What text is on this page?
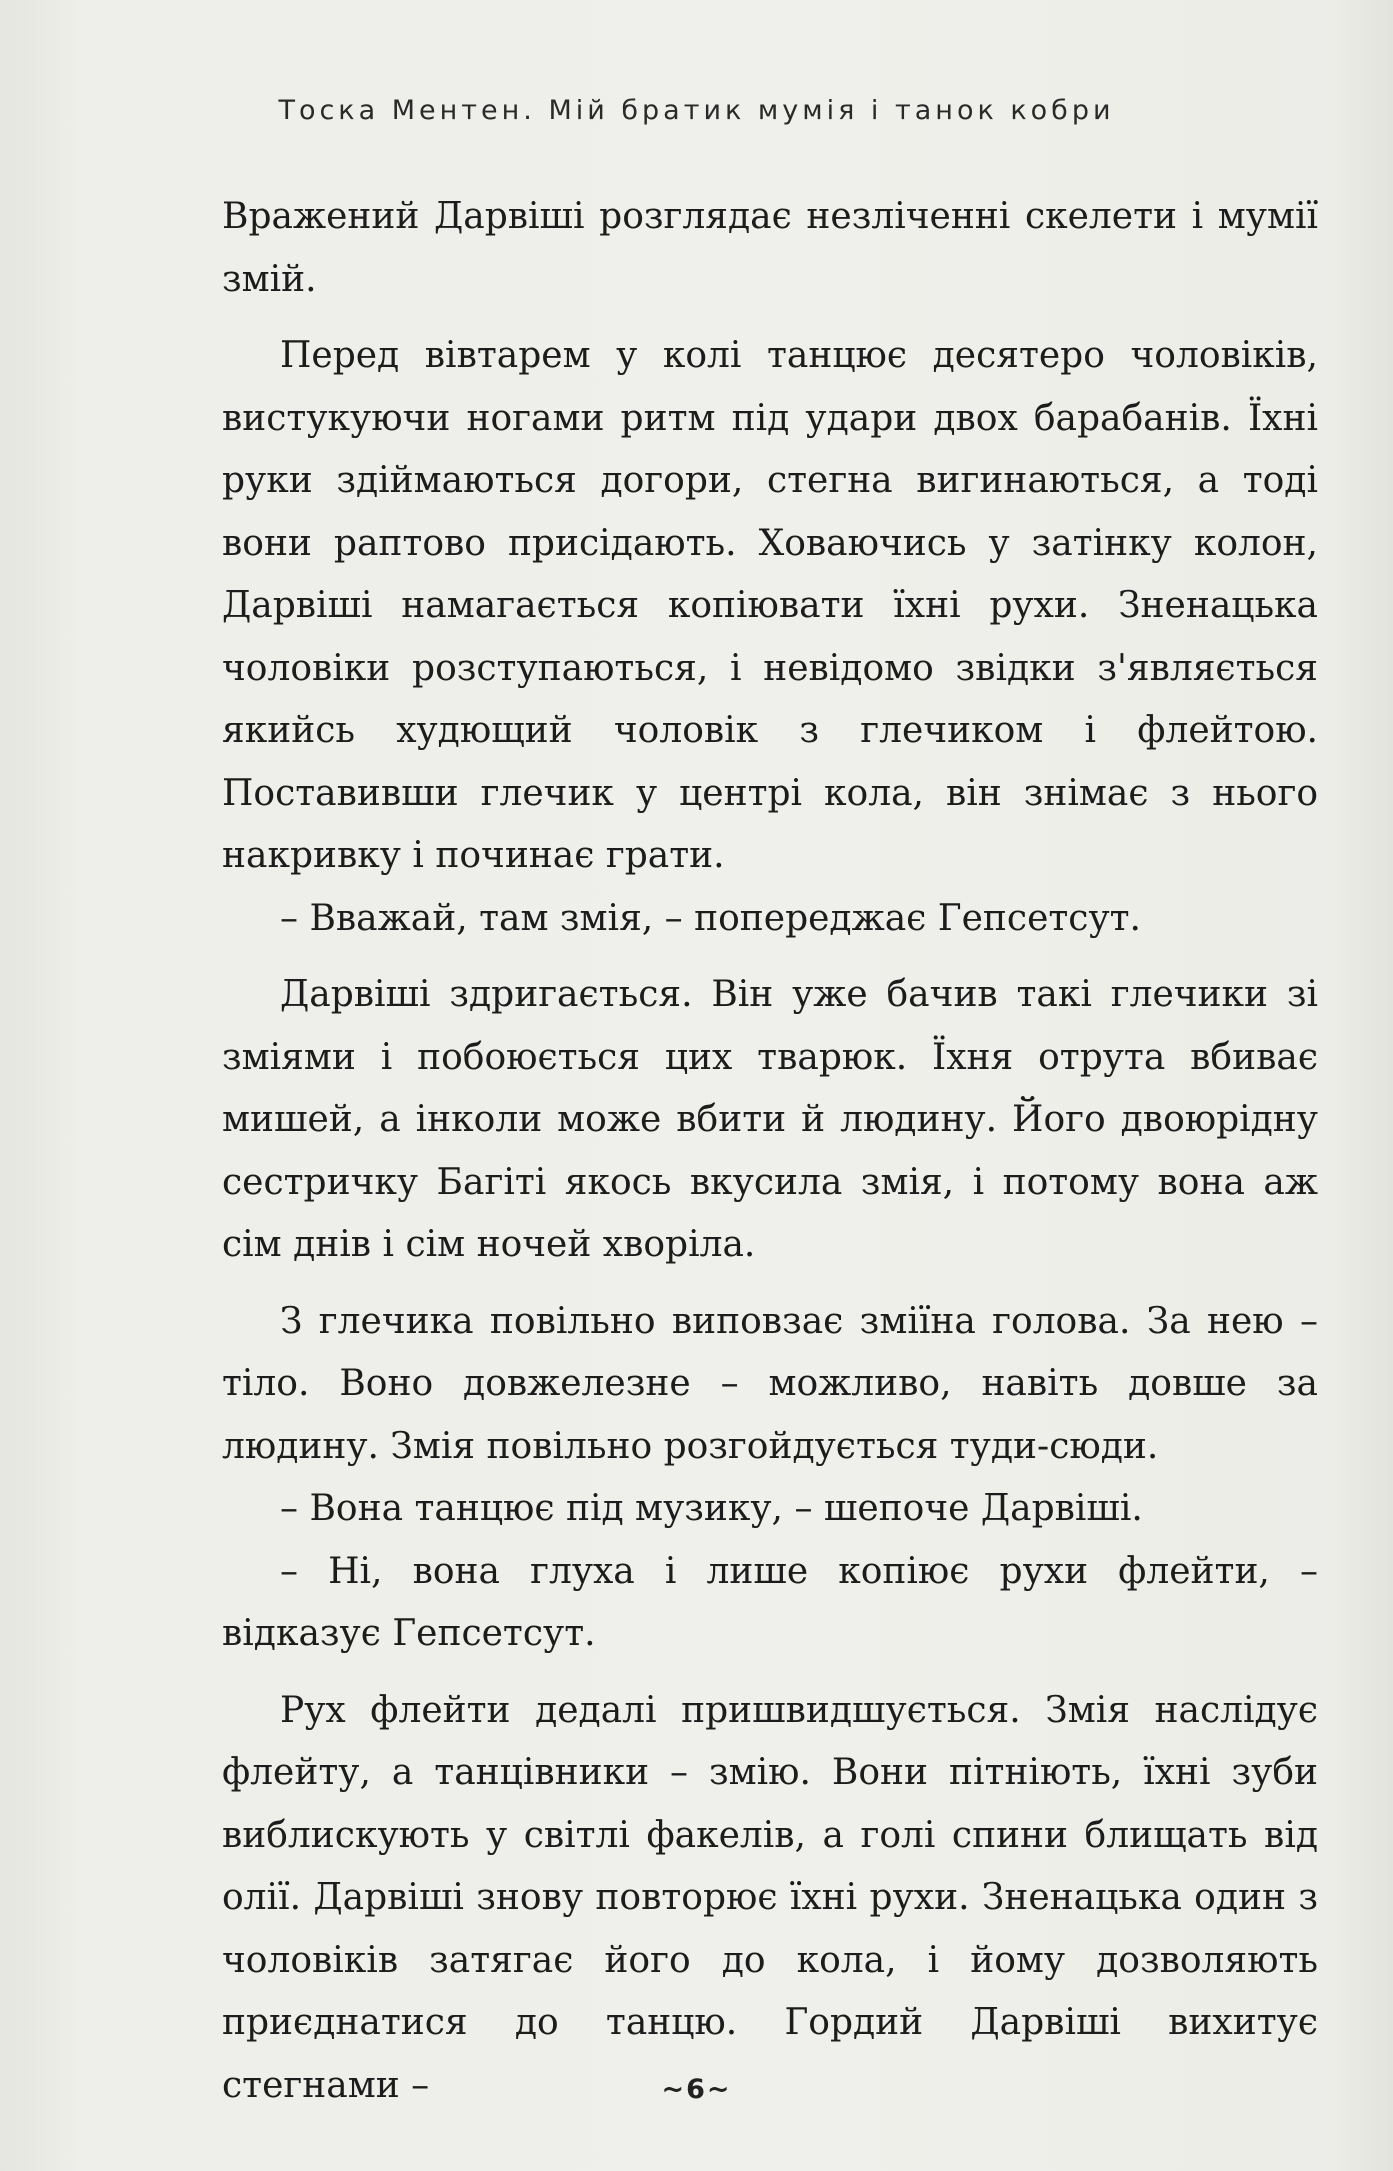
Тоска Ментен. Мій братик мумія і танок кобри

Вражений Дарвіші розглядає незліченні скелети і мумії змій.

Перед вівтарем у колі танцює десятеро чоловіків, вистукуючи ногами ритм під удари двох барабанів. Їхні руки здіймаються догори, стегна вигинаються, а тоді вони раптово присідають. Ховаючись у затінку колон, Дарвіші намагається копіювати їхні рухи. Зненацька чоловіки розступаються, і невідомо звідки з'являється якийсь худющий чоловік з глечиком і флейтою. Поставивши глечик у центрі кола, він знімає з нього накривку і починає грати.

– Вважай, там змія, – попереджає Гепсетсут.

Дарвіші здригається. Він уже бачив такі глечики зі зміями і побоюється цих тварюк. Їхня отрута вбиває мишей, а інколи може вбити й людину. Його двоюрідну сестричку Багіті якось вкусила змія, і потому вона аж сім днів і сім ночей хворіла.

З глечика повільно виповзає зміїна голова. За нею – тіло. Воно довжелезне – можливо, навіть довше за людину. Змія повільно розгойдується туди-сюди.

– Вона танцює під музику, – шепоче Дарвіші.

– Ні, вона глуха і лише копіює рухи флейти, – відказує Гепсетсут.

Рух флейти дедалі пришвидшується. Змія наслідує флейту, а танцівники – змію. Вони пітніють, їхні зуби виблискують у світлі факелів, а голі спини блищать від олії. Дарвіші знову повторює їхні рухи. Зненацька один з чоловіків затягає його до кола, і йому дозволяють приєднатися до танцю. Гордий Дарвіші вихитує стегнами –	~6~
